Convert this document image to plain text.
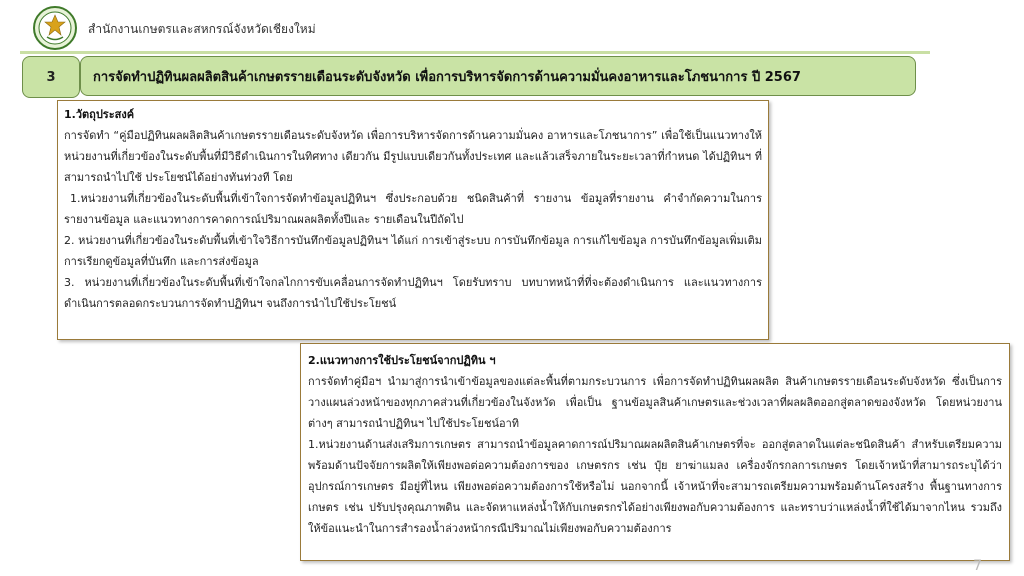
สำนักงานเกษตรและสหกรณ์จังหวัดเชียงใหม่
3	การจัดทำปฏิทินผลผลิตสินค้าเกษตรรายเดือนระดับจังหวัด เพื่อการบริหารจัดการด้านความมั่นคงอาหารและโภชนาการ ปี 2567

1.วัตถุประสงค์

การจัดทำ “คู่มือปฏิทินผลผลิตสินค้าเกษตรรายเดือนระดับจังหวัด เพื่อการบริหารจัดการด้านความมั่นคง อาหารและโภชนาการ” เพื่อใช้เป็นแนวทางให้หน่วยงานที่เกี่ยวข้องในระดับพื้นที่มีวิธีดำเนินการในทิศทาง เดียวกัน มีรูปแบบเดียวกันทั้งประเทศ และแล้วเสร็จภายในระยะเวลาที่กำหนด ได้ปฏิทินฯ ที่สามารถนำไปใช้ ประโยชน์ได้อย่างทันท่วงที โดย

1.หน่วยงานที่เกี่ยวข้องในระดับพื้นที่เข้าใจการจัดทำข้อมูลปฏิทินฯ ซึ่งประกอบด้วย ชนิดสินค้าที่ รายงาน ข้อมูลที่รายงาน คำจำกัดความในการรายงานข้อมูล และแนวทางการคาดการณ์ปริมาณผลผลิตทั้งปีและ รายเดือนในปีถัดไป

2. หน่วยงานที่เกี่ยวข้องในระดับพื้นที่เข้าใจวิธีการบันทึกข้อมูลปฏิทินฯ ได้แก่ การเข้าสู่ระบบ การบันทึกข้อมูล การแก้ไขข้อมูล การบันทึกข้อมูลเพิ่มเติม การเรียกดูข้อมูลที่บันทึก และการส่งข้อมูล

3. หน่วยงานที่เกี่ยวข้องในระดับพื้นที่เข้าใจกลไกการขับเคลื่อนการจัดทำปฏิทินฯ โดยรับทราบ บทบาทหน้าที่ที่จะต้องดำเนินการ และแนวทางการดำเนินการตลอดกระบวนการจัดทำปฏิทินฯ จนถึงการนำไปใช้ประโยชน์

2.แนวทางการใช้ประโยชน์จากปฏิทิน ฯ

การจัดทำคู่มือฯ นำมาสู่การนำเข้าข้อมูลของแต่ละพื้นที่ตามกระบวนการ เพื่อการจัดทำปฏิทินผลผลิต สินค้าเกษตรรายเดือนระดับจังหวัด ซึ่งเป็นการวางแผนล่วงหน้าของทุกภาคส่วนที่เกี่ยวข้องในจังหวัด เพื่อเป็น ฐานข้อมูลสินค้าเกษตรและช่วงเวลาที่ผลผลิตออกสู่ตลาดของจังหวัด โดยหน่วยงานต่างๆ สามารถนำปฏิทินฯ ไปใช้ประโยชน์อาทิ

1.หน่วยงานด้านส่งเสริมการเกษตร สามารถนำข้อมูลคาดการณ์ปริมาณผลผลิตสินค้าเกษตรที่จะ ออกสู่ตลาดในแต่ละชนิดสินค้า สำหรับเตรียมความพร้อมด้านปัจจัยการผลิตให้เพียงพอต่อความต้องการของ เกษตรกร เช่น ปุ๋ย ยาฆ่าแมลง เครื่องจักรกลการเกษตร โดยเจ้าหน้าที่สามารถระบุได้ว่าอุปกรณ์การเกษตร มีอยู่ที่ไหน เพียงพอต่อความต้องการใช้หรือไม่ นอกจากนี้ เจ้าหน้าที่จะสามารถเตรียมความพร้อมด้านโครงสร้าง พื้นฐานทางการเกษตร เช่น ปรับปรุงคุณภาพดิน และจัดหาแหล่งน้ำให้กับเกษตรกรได้อย่างเพียงพอกับความต้องการ และทราบว่าแหล่งน้ำที่ใช้ได้มาจากไหน รวมถึงให้ข้อแนะนำในการสำรองน้ำล่วงหน้ากรณีปริมาณไม่เพียงพอกับความต้องการ

7
